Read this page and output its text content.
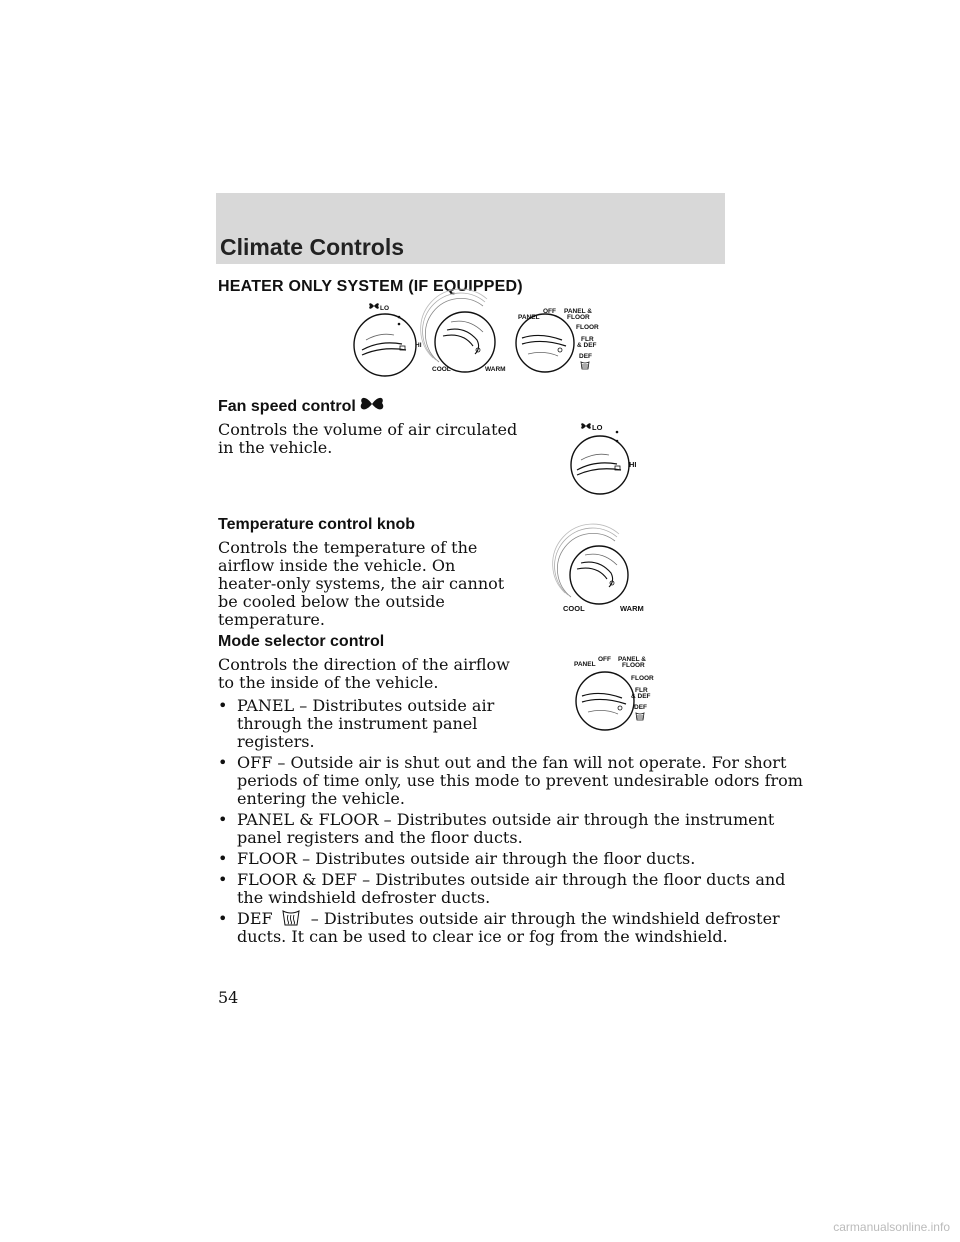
Climate Controls
HEATER ONLY SYSTEM (IF EQUIPPED)
LO
HI
COOL	WARM
PANEL
OFF PANEL &
FLOOR
FLOOR
FLR
& DEF
DEF
Fan speed control
Controls the volume of air circulated
in the vehicle.
LO
HI
Temperature control knob
Controls the temperature of the
airflow inside the vehicle. On
heater-only systems, the air cannot
be cooled below the outside
temperature.
COOL	WARM
Mode selector control
Controls the direction of the airflow
to the inside of the vehicle.
PANEL
OFF PANEL &
FLOOR
FLOOR
FLR
& DEF
DEF
• PANEL – Distributes outside air
through the instrument panel
registers.
• OFF – Outside air is shut out and the fan will not operate. For short
periods of time only, use this mode to prevent undesirable odors from
entering the vehicle.
• PANEL & FLOOR – Distributes outside air through the instrument
panel registers and the floor ducts.
• FLOOR – Distributes outside air through the floor ducts.
• FLOOR & DEF – Distributes outside air through the floor ducts and
the windshield defroster ducts.
• DEF – Distributes outside air through the windshield defroster
ducts. It can be used to clear ice or fog from the windshield.
54
carmanualsonline.info
